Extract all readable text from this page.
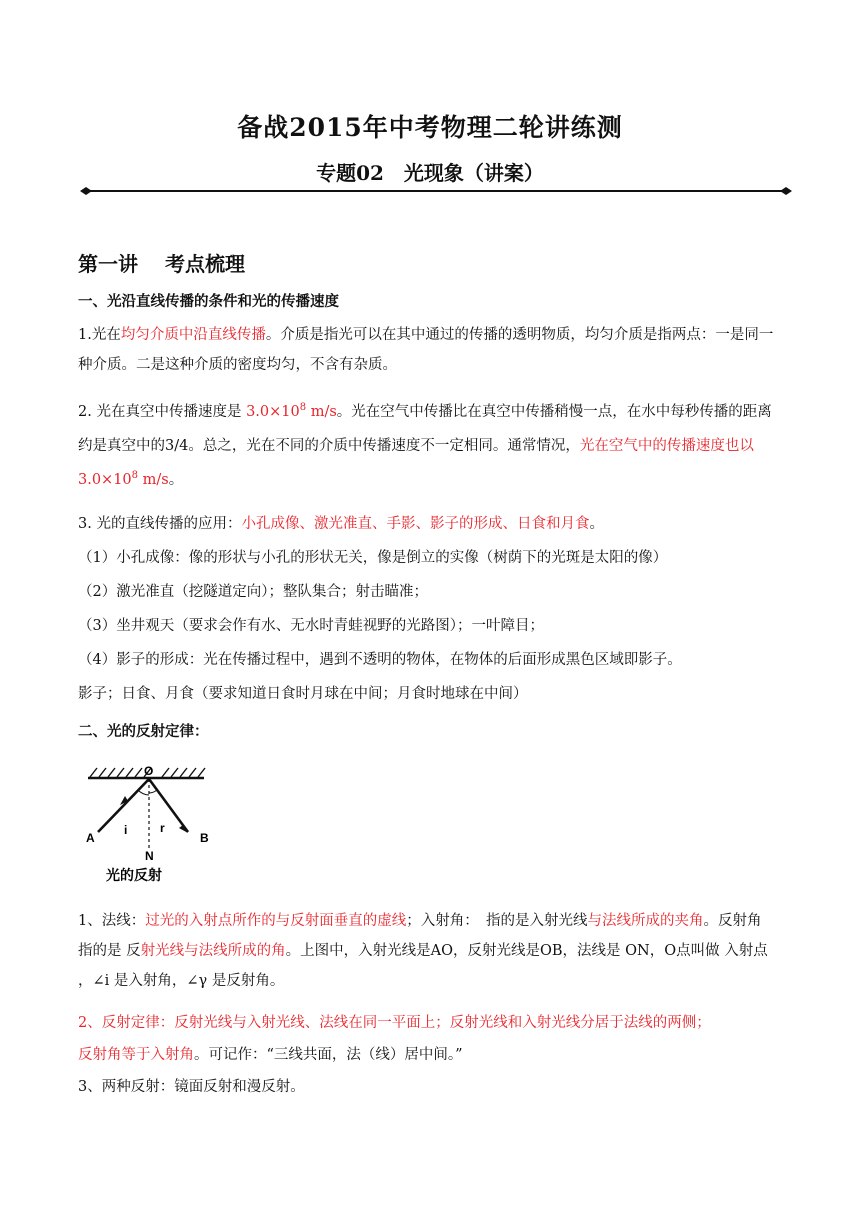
备战2015年中考物理二轮讲练测
专题02　光现象（讲案）
第一讲　 考点梳理
一、光沿直线传播的条件和光的传播速度
1.光在均匀介质中沿直线传播。介质是指光可以在其中通过的传播的透明物质，均匀介质是指两点：一是同一种介质。二是这种介质的密度均匀，不含有杂质。
2. 光在真空中传播速度是 $3.0\times 10^8$ m/s。光在空气中传播比在真空中传播稍慢一点，在水中每秒传播的距离约是真空中的3/4。总之，光在不同的介质中传播速度不一定相同。通常情况，光在空气中的传播速度也以 $3.0\times 10^8$ m/s。
3. 光的直线传播的应用：小孔成像、激光准直、手影、影子的形成、日食和月食。
（1）小孔成像：像的形状与小孔的形状无关，像是倒立的实像（树荫下的光斑是太阳的像）
（2）激光准直（挖隧道定向）；整队集合；射击瞄准；
（3）坐井观天（要求会作有水、无水时青蛙视野的光路图）；一叶障目；
（4）影子的形成：光在传播过程中，遇到不透明的物体，在物体的后面形成黑色区域即影子。
影子；日食、月食（要求知道日食时月球在中间；月食时地球在中间）
二、光的反射定律：
O
A	B
N
i	r
光的反射
1、法线：过光的入射点所作的与反射面垂直的虚线；入射角：　指的是入射光线与法线所成的夹角。反射角　指的是 反射光线与法线所成的角。上图中，入射光线是AO，反射光线是OB，法线是 ON，O点叫做 入射点 ，∠i 是入射角，∠γ 是反射角。
2、反射定律：反射光线与入射光线、法线在同一平面上；反射光线和入射光线分居于法线的两侧；
反射角等于入射角。可记作：“三线共面，法（线）居中间。”
3、两种反射：镜面反射和漫反射。
